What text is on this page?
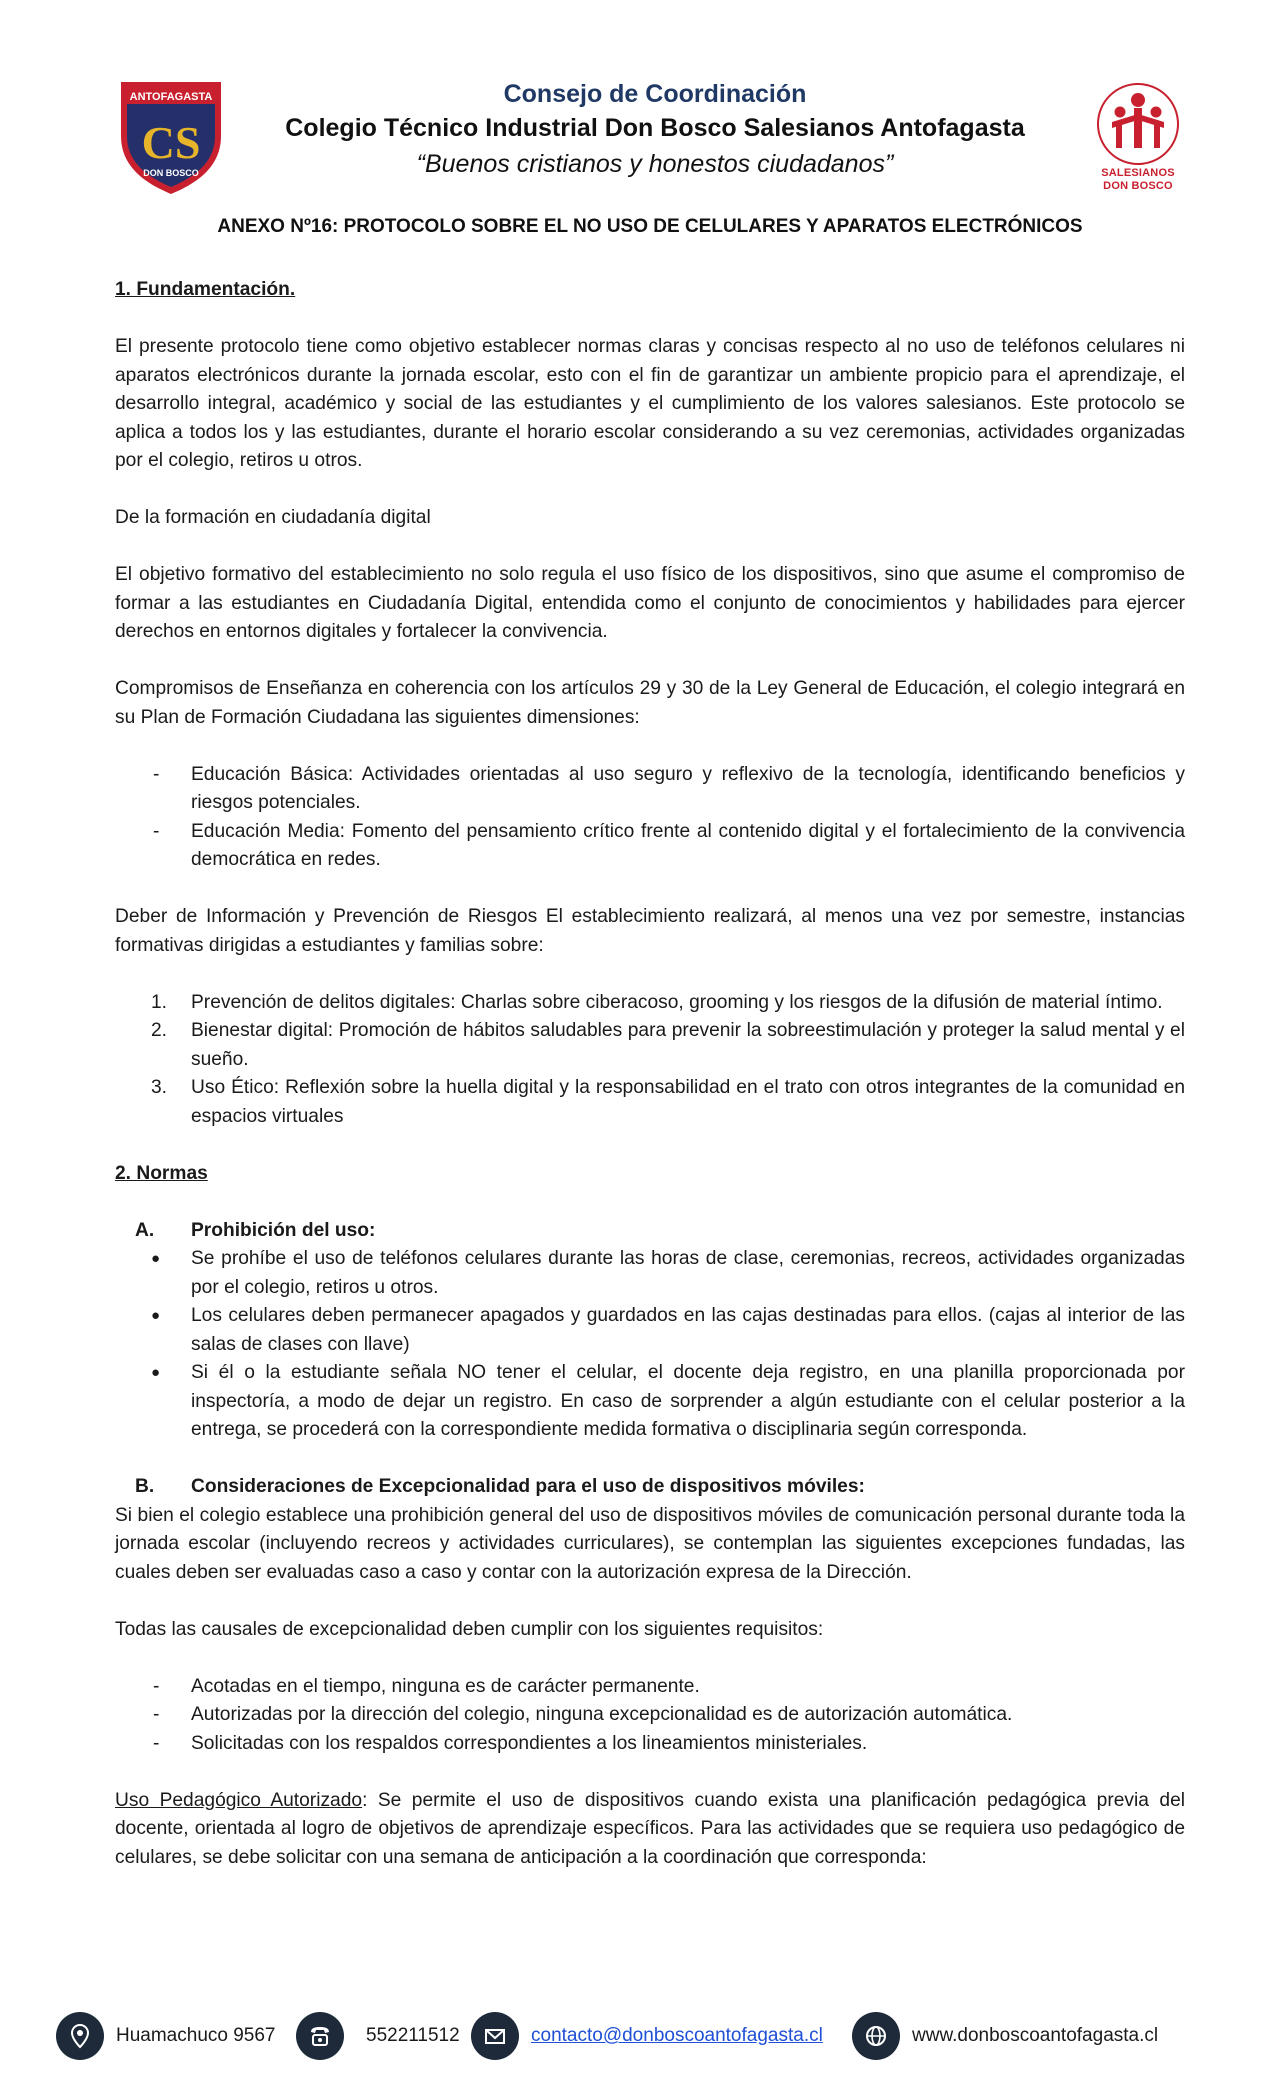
ANTOFAGASTA
CS
DON BOSCO
Consejo de Coordinación
Colegio Técnico Industrial Don Bosco Salesianos Antofagasta
“Buenos cristianos y honestos ciudadanos”	SALESIANOS
DON BOSCO
ANEXO Nº16: PROTOCOLO SOBRE EL NO USO DE CELULARES Y APARATOS ELECTRÓNICOS

1. Fundamentación.

El presente protocolo tiene como objetivo establecer normas claras y concisas respecto al no uso de teléfonos celulares ni aparatos electrónicos durante la jornada escolar, esto con el fin de garantizar un ambiente propicio para el aprendizaje, el desarrollo integral, académico y social de las estudiantes y el cumplimiento de los valores salesianos. Este protocolo se aplica a todos los y las estudiantes, durante el horario escolar considerando a su vez ceremonias, actividades organizadas por el colegio, retiros u otros.

De la formación en ciudadanía digital

El objetivo formativo del establecimiento no solo regula el uso físico de los dispositivos, sino que asume el compromiso de formar a las estudiantes en Ciudadanía Digital, entendida como el conjunto de conocimientos y habilidades para ejercer derechos en entornos digitales y fortalecer la convivencia.

Compromisos de Enseñanza en coherencia con los artículos 29 y 30 de la Ley General de Educación, el colegio integrará en su Plan de Formación Ciudadana las siguientes dimensiones:

- Educación Básica: Actividades orientadas al uso seguro y reflexivo de la tecnología, identificando beneficios y riesgos potenciales.
- Educación Media: Fomento del pensamiento crítico frente al contenido digital y el fortalecimiento de la convivencia democrática en redes.

Deber de Información y Prevención de Riesgos El establecimiento realizará, al menos una vez por semestre, instancias formativas dirigidas a estudiantes y familias sobre:

1. Prevención de delitos digitales: Charlas sobre ciberacoso, grooming y los riesgos de la difusión de material íntimo.
2. Bienestar digital: Promoción de hábitos saludables para prevenir la sobreestimulación y proteger la salud mental y el sueño.
3. Uso Ético: Reflexión sobre la huella digital y la responsabilidad en el trato con otros integrantes de la comunidad en espacios virtuales

2. Normas

A. Prohibición del uso:

● Se prohíbe el uso de teléfonos celulares durante las horas de clase, ceremonias, recreos, actividades organizadas por el colegio, retiros u otros.
● Los celulares deben permanecer apagados y guardados en las cajas destinadas para ellos. (cajas al interior de las salas de clases con llave)
● Si él o la estudiante señala NO tener el celular, el docente deja registro, en una planilla proporcionada por inspectoría, a modo de dejar un registro. En caso de sorprender a algún estudiante con el celular posterior a la entrega, se procederá con la correspondiente medida formativa o disciplinaria según corresponda.

B. Consideraciones de Excepcionalidad para el uso de dispositivos móviles:

Si bien el colegio establece una prohibición general del uso de dispositivos móviles de comunicación personal durante toda la jornada escolar (incluyendo recreos y actividades curriculares), se contemplan las siguientes excepciones fundadas, las cuales deben ser evaluadas caso a caso y contar con la autorización expresa de la Dirección.

Todas las causales de excepcionalidad deben cumplir con los siguientes requisitos:

- Acotadas en el tiempo, ninguna es de carácter permanente.
- Autorizadas por la dirección del colegio, ninguna excepcionalidad es de autorización automática.
- Solicitadas con los respaldos correspondientes a los lineamientos ministeriales.

Uso Pedagógico Autorizado: Se permite el uso de dispositivos cuando exista una planificación pedagógica previa del docente, orientada al logro de objetivos de aprendizaje específicos. Para las actividades que se requiera uso pedagógico de celulares, se debe solicitar con una semana de anticipación a la coordinación que corresponda:

Huamachuco 9567	552211512	contacto@donboscoantofagasta.cl	www.donboscoantofagasta.cl
